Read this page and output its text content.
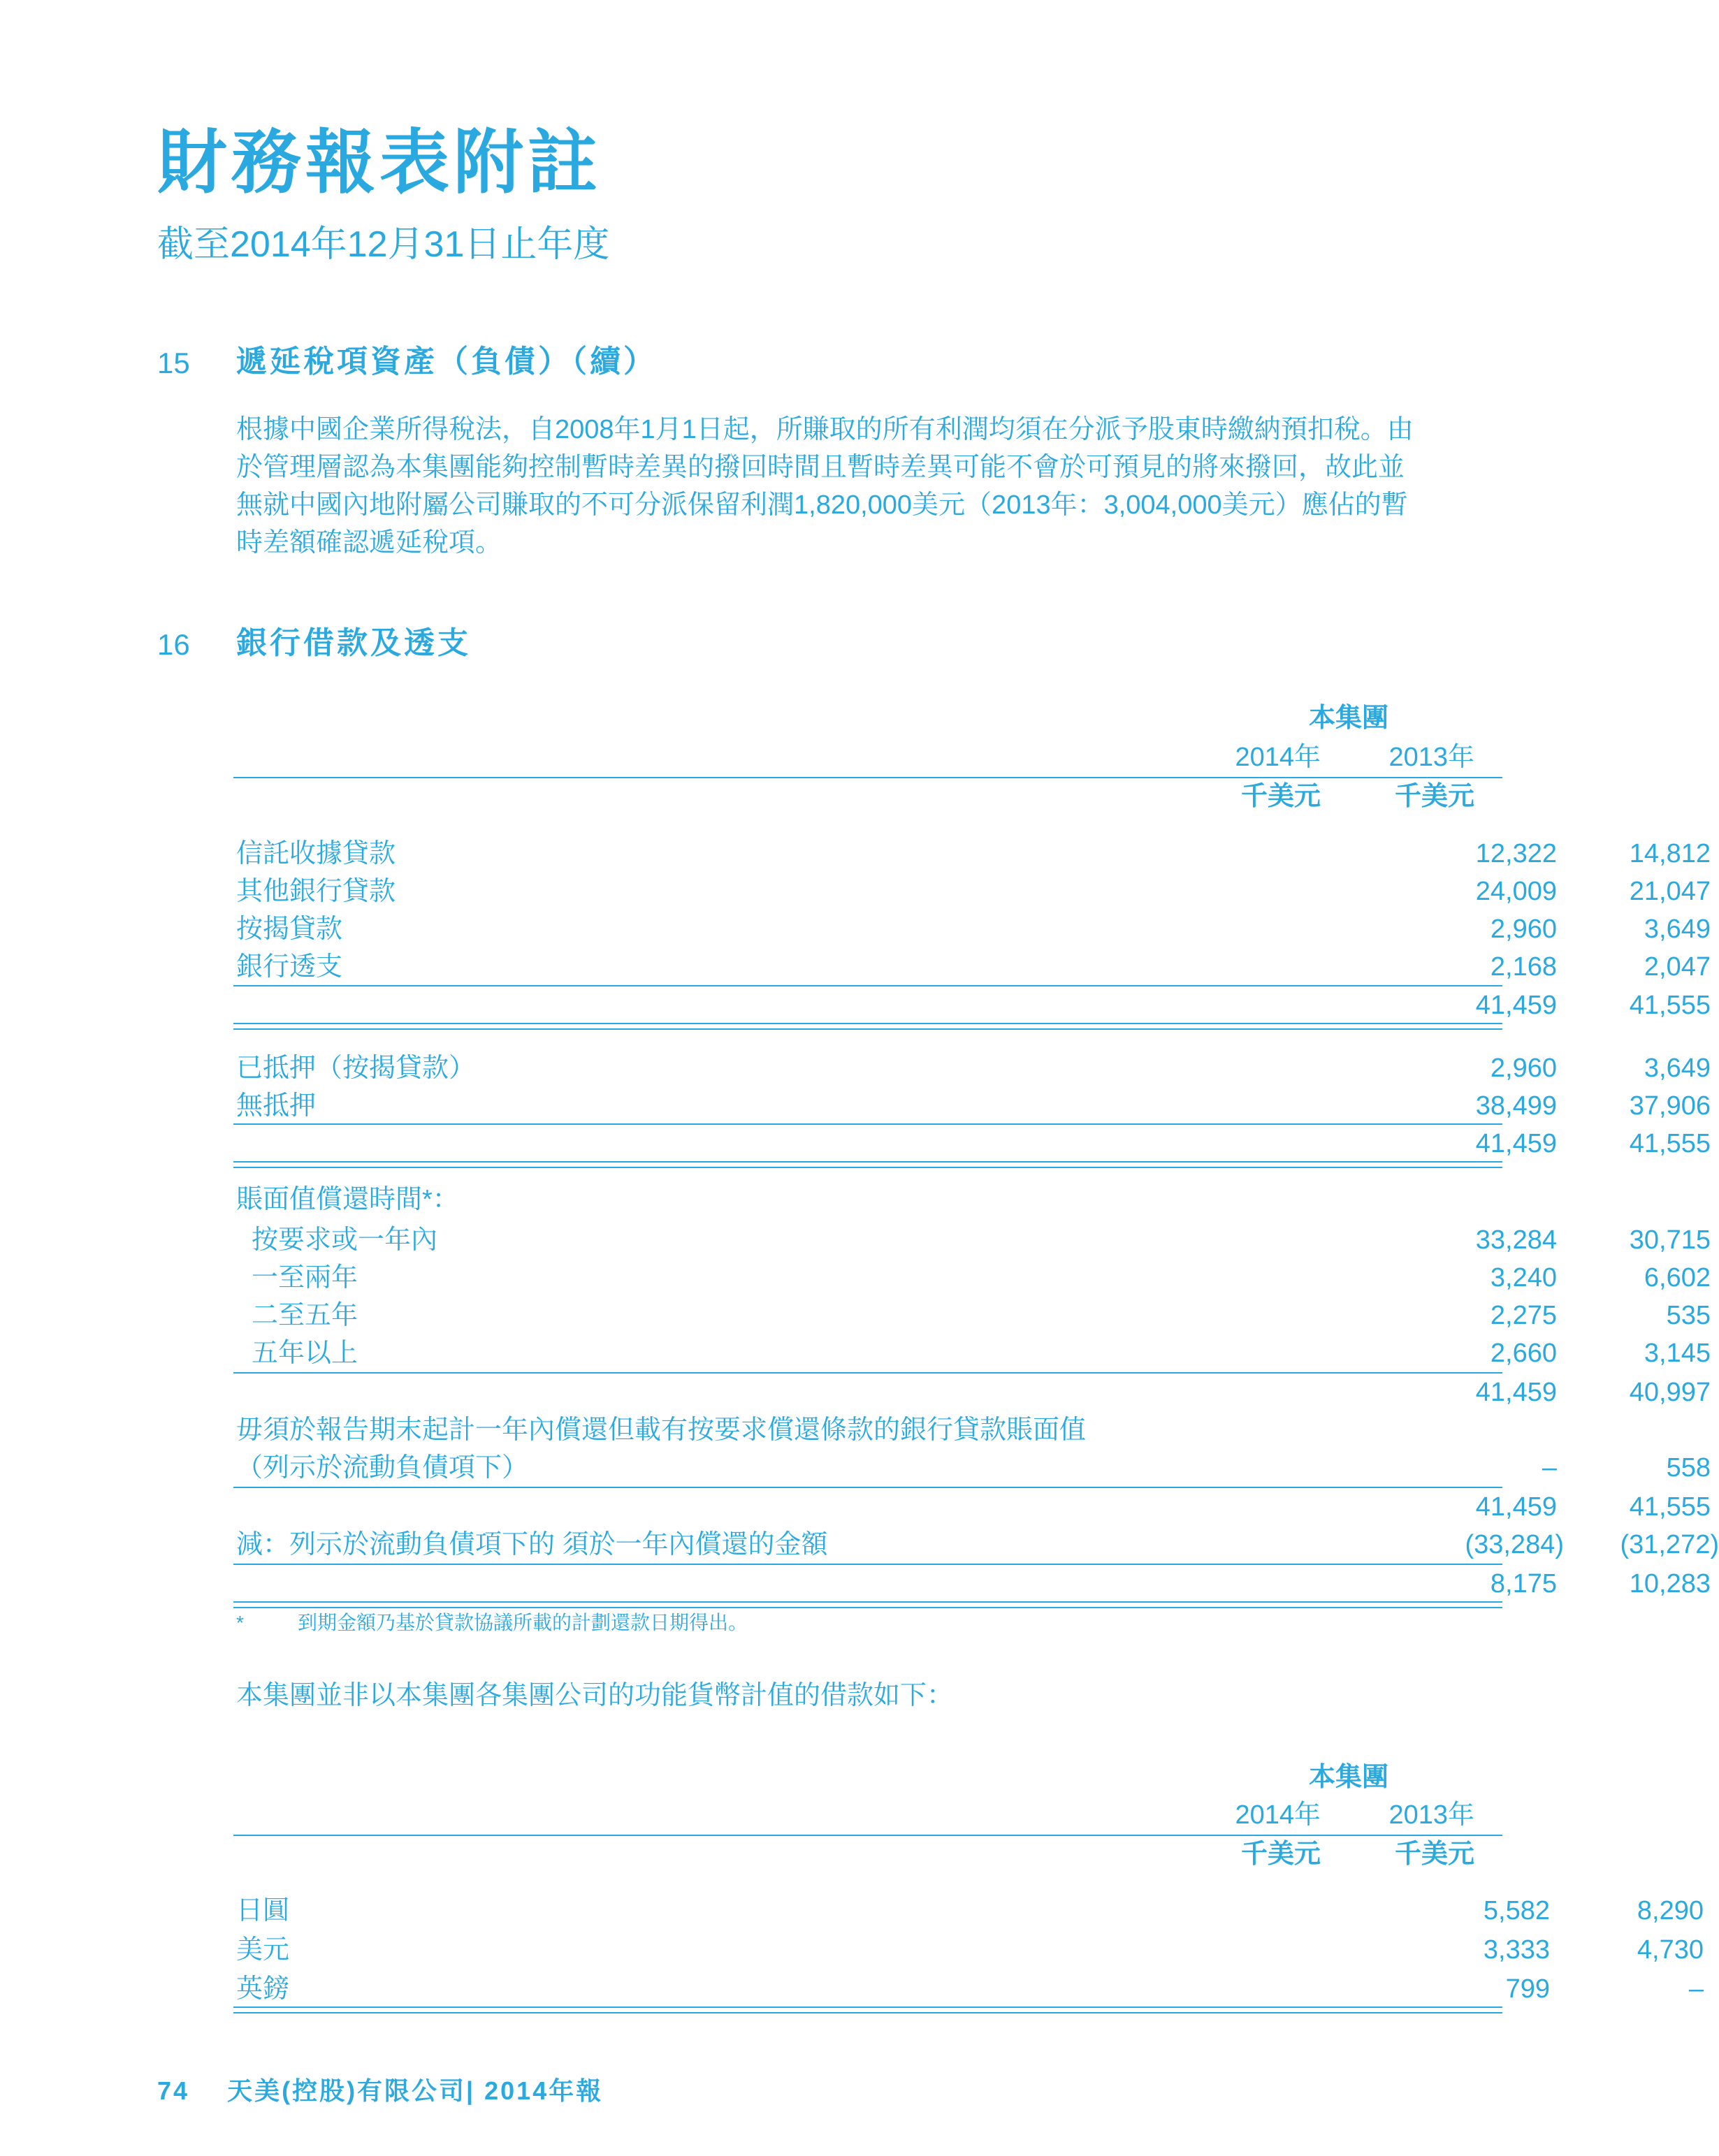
財務報表附註
截至2014年12月31日止年度
15 遞延稅項資產（負債）（續）
根據中國企業所得稅法，自2008年1月1日起，所賺取的所有利潤均須在分派予股東時繳納預扣稅。由
於管理層認為本集團能夠控制暫時差異的撥回時間且暫時差異可能不會於可預見的將來撥回，故此並
無就中國內地附屬公司賺取的不可分派保留利潤1,820,000美元（2013年：3,004,000美元）應佔的暫
時差額確認遞延稅項。
16 銀行借款及透支
本集團
2014年	2013年
千美元	千美元
信託收據貸款	12,322	14,812
其他銀行貸款	24,009	21,047
按揭貸款	2,960	3,649
銀行透支	2,168	2,047
41,459	41,555
已抵押（按揭貸款）	2,960	3,649
無抵押	38,499	37,906
41,459	41,555
賬面值償還時間*：
按要求或一年內	33,284	30,715
一至兩年	3,240	6,602
二至五年	2,275	535
五年以上	2,660	3,145
41,459	40,997
毋須於報告期末起計一年內償還但載有按要求償還條款的銀行貸款賬面值
（列示於流動負債項下）	–	558
41,459	41,555
減：列示於流動負債項下的 須於一年內償還的金額	(33,284)	(31,272)
8,175	10,283
*	到期金額乃基於貸款協議所載的計劃還款日期得出。
本集團並非以本集團各集團公司的功能貨幣計值的借款如下：
本集團
2014年	2013年
千美元	千美元
日圓	5,582	8,290
美元	3,333	4,730
英鎊	799	–
74 天美(控股)有限公司| 2014年報
